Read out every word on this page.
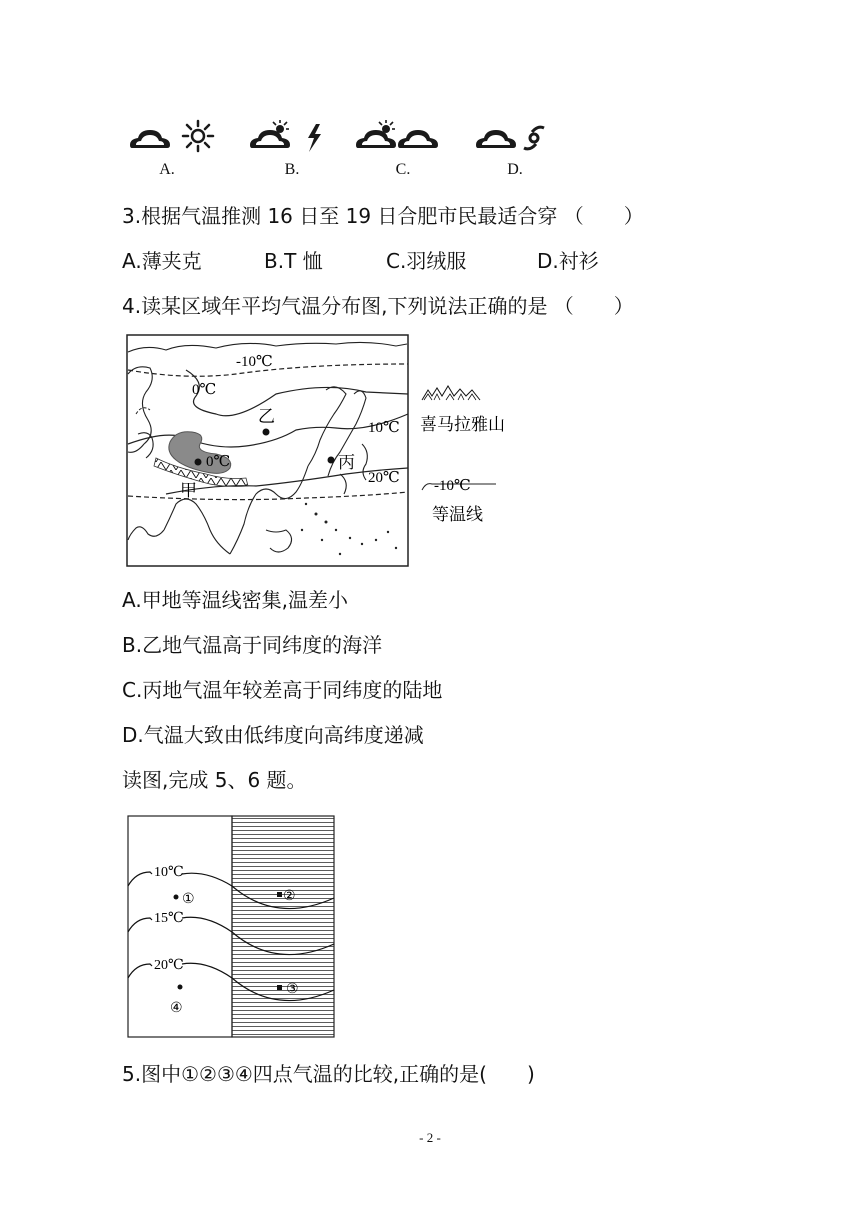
A.	B.	C.	D.
3.根据气温推测 16 日至 19 日合肥市民最适合穿 （　　）
A.薄夹克	B.T 恤	C.羽绒服	D.衬衫
4.读某区域年平均气温分布图,下列说法正确的是 （　　）
-10℃
0℃
10℃
20℃
0℃
乙
丙
甲
喜马拉雅山
-10℃
等温线
A.甲地等温线密集,温差小
B.乙地气温高于同纬度的海洋
C.丙地气温年较差高于同纬度的陆地
D.气温大致由低纬度向高纬度递减
读图,完成 5、6 题。
10℃
15℃
20℃
①	②
③
④
5.图中①②③④四点气温的比较,正确的是(　　)
- 2 -
